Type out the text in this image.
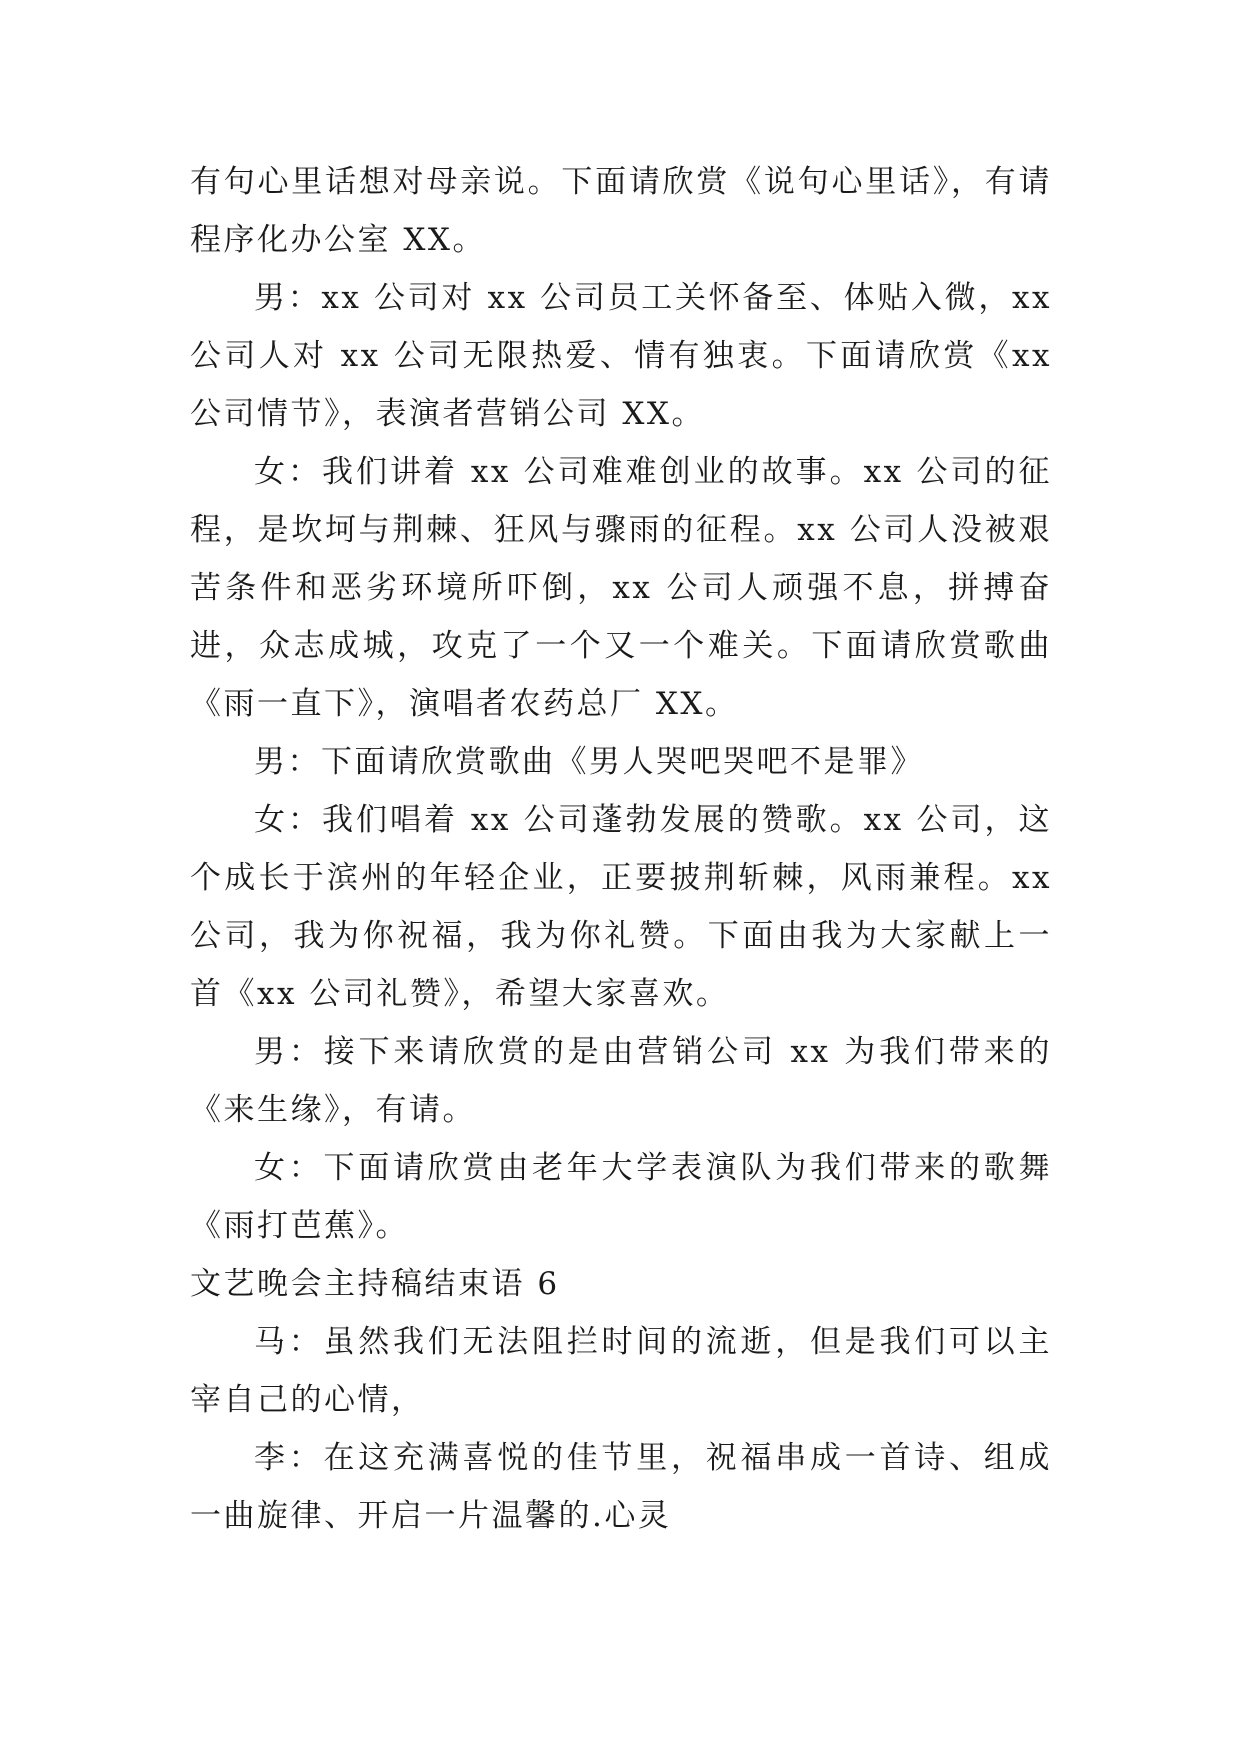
有句心里话想对母亲说。下面请欣赏《说句心里话》，有请程序化办公室 XX。

男：xx 公司对 xx 公司员工关怀备至、体贴入微，xx 公司人对 xx 公司无限热爱、情有独衷。下面请欣赏《xx 公司情节》，表演者营销公司 XX。

女：我们讲着 xx 公司难难创业的故事。xx 公司的征程，是坎坷与荆棘、狂风与骤雨的征程。xx 公司人没被艰苦条件和恶劣环境所吓倒，xx 公司人顽强不息，拼搏奋进，众志成城，攻克了一个又一个难关。下面请欣赏歌曲《雨一直下》，演唱者农药总厂 XX。

男：下面请欣赏歌曲《男人哭吧哭吧不是罪》

女：我们唱着 xx 公司蓬勃发展的赞歌。xx 公司，这个成长于滨州的年轻企业，正要披荆斩棘，风雨兼程。xx 公司，我为你祝福，我为你礼赞。下面由我为大家献上一首《xx 公司礼赞》，希望大家喜欢。

男：接下来请欣赏的是由营销公司 xx 为我们带来的《来生缘》，有请。

女：下面请欣赏由老年大学表演队为我们带来的歌舞《雨打芭蕉》。

文艺晚会主持稿结束语 6

马：虽然我们无法阻拦时间的流逝，但是我们可以主宰自己的心情，

李：在这充满喜悦的佳节里，祝福串成一首诗、组成一曲旋律、开启一片温馨的.心灵
